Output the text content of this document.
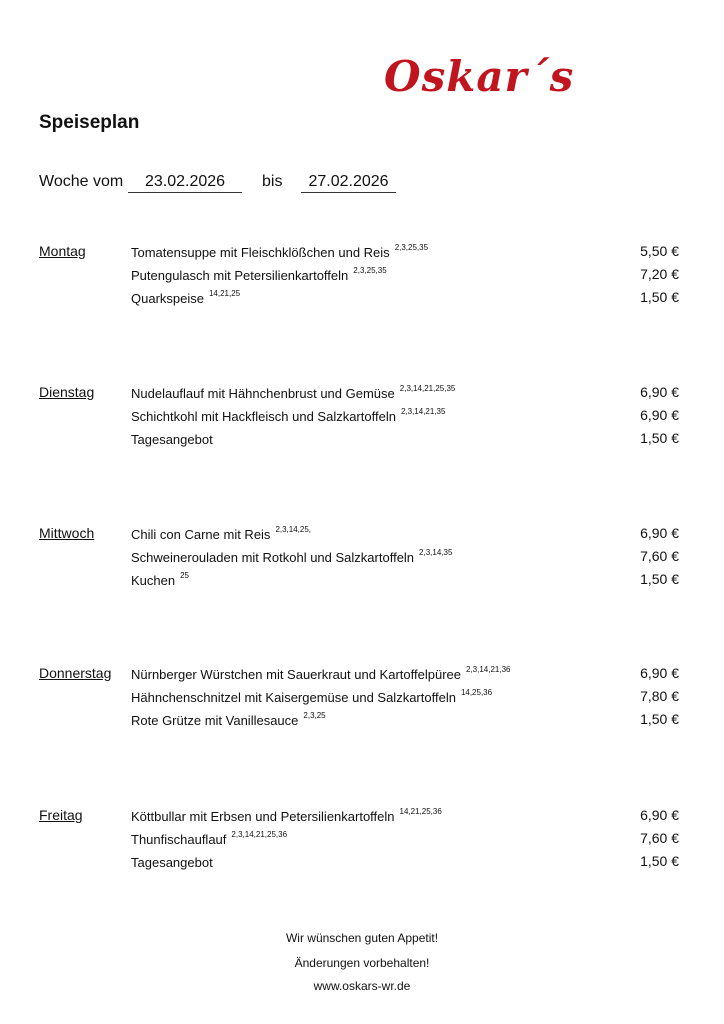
Oskar´s
Speiseplan
Woche vom	23.02.2026	bis	27.02.2026
Montag	Tomatensuppe mit Fleischklößchen und Reis $^{2,3,25,35}$	5,50 €
Putengulasch mit Petersilienkartoffeln $^{2,3,25,35}$	7,20 €
Quarkspeise $^{14,21,25}$	1,50 €
Dienstag	Nudelauflauf mit Hähnchenbrust und Gemüse $^{2,3,14,21,25,35}$	6,90 €
Schichtkohl mit Hackfleisch und Salzkartoffeln $^{2,3,14,21,35}$	6,90 €
Tagesangebot	1,50 €
Mittwoch	Chili con Carne mit Reis $^{2,3,14,25,}$	6,90 €
Schweinerouladen mit Rotkohl und Salzkartoffeln $^{2,3,14,35}$	7,60 €
Kuchen $^{25}$	1,50 €
Donnerstag Nürnberger Würstchen mit Sauerkraut und Kartoffelpüree $^{2,3,14,21,36}$	6,90 €
Hähnchenschnitzel mit Kaisergemüse und Salzkartoffeln $^{14,25,36}$	7,80 €
Rote Grütze mit Vanillesauce $^{2,3,25}$	1,50 €
Freitag	Köttbullar mit Erbsen und Petersilienkartoffeln $^{14,21,25,36}$	6,90 €
Thunfischauflauf $^{2,3,14,21,25,36}$	7,60 €
Tagesangebot	1,50 €
Wir wünschen guten Appetit!
Änderungen vorbehalten!
www.oskars-wr.de
